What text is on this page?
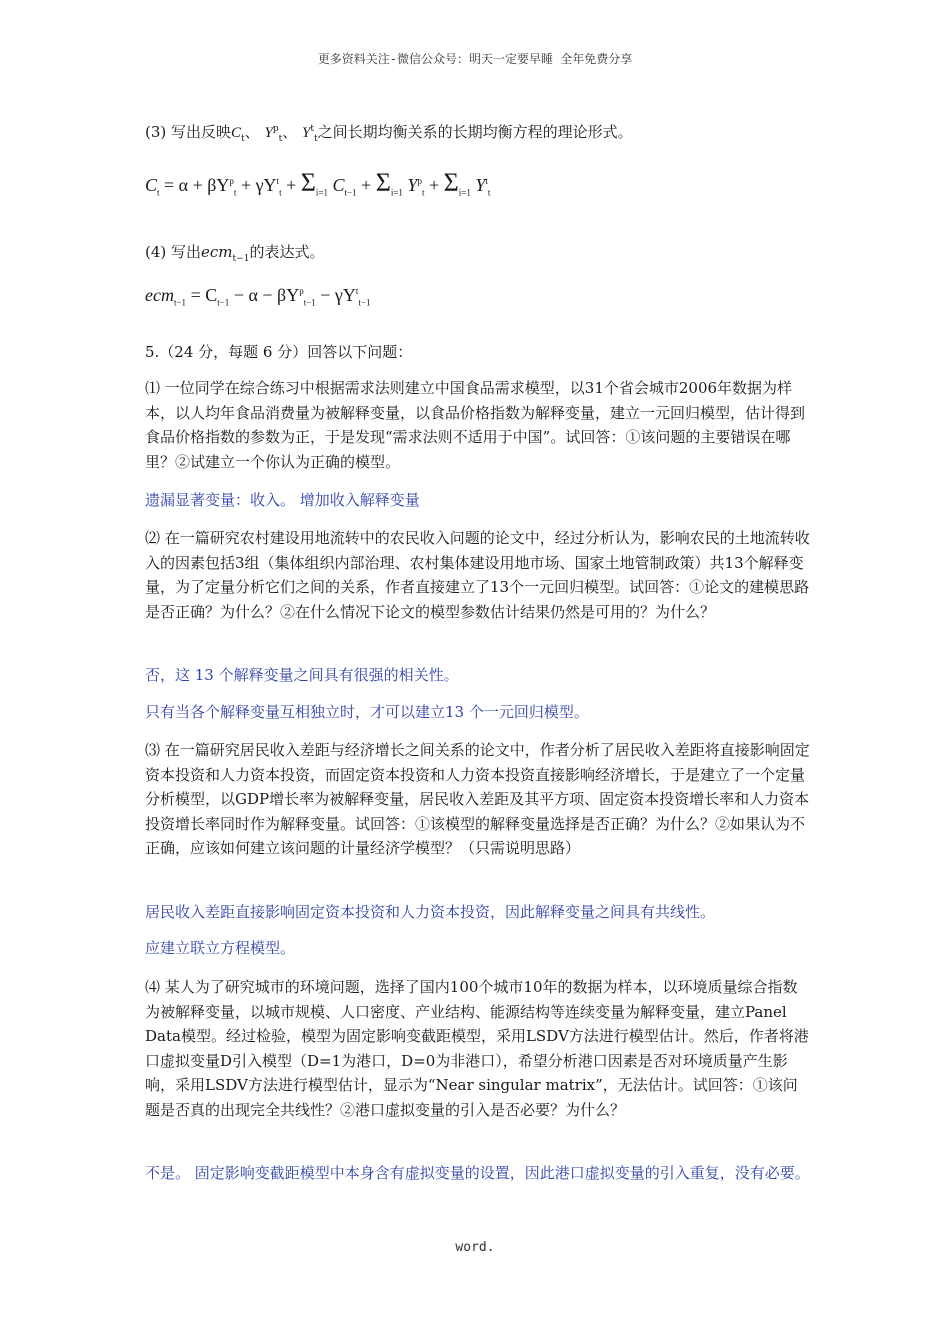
更多资料关注-微信公众号：明天一定要早睡 全年免费分享
(3) 写出反映$C_t$、 $Y^p_t$、 $Y^t_t$之间长期均衡关系的长期均衡方程的理论形式。
$C_t = \alpha + \beta Y^p_t + \gamma Y^t_t + \Sigma_{i=1}$ $C_{t-1} + \Sigma_{i=1}$ $Y^p_t + \Sigma_{i=1}$ $Y^t_t$
(4) 写出ecm$_{t-1}$的表达式。
$ecm_{t-1} = C_{t-1} - \alpha - \beta Y^p_{t-1} - \gamma Y^t_{t-1}$
5.（24 分，每题 6 分）回答以下问题：
⑴ 一位同学在综合练习中根据需求法则建立中国食品需求模型，以31个省会城市2006年数据为样本，以人均年食品消费量为被解释变量，以食品价格指数为解释变量，建立一元回归模型，估计得到食品价格指数的参数为正，于是发现“需求法则不适用于中国”。试回答：①该问题的主要错误在哪里？②试建立一个你认为正确的模型。
遗漏显著变量：收入。 增加收入解释变量
⑵ 在一篇研究农村建设用地流转中的农民收入问题的论文中，经过分析认为，影响农民的土地流转收入的因素包括3组（集体组织内部治理、农村集体建设用地市场、国家土地管制政策）共13个解释变量，为了定量分析它们之间的关系，作者直接建立了13个一元回归模型。试回答：①论文的建模思路是否正确？为什么？②在什么情况下论文的模型参数估计结果仍然是可用的？为什么？
否，这 13 个解释变量之间具有很强的相关性。
只有当各个解释变量互相独立时，才可以建立13 个一元回归模型。
⑶ 在一篇研究居民收入差距与经济增长之间关系的论文中，作者分析了居民收入差距将直接影响固定资本投资和人力资本投资，而固定资本投资和人力资本投资直接影响经济增长，于是建立了一个定量分析模型，以GDP增长率为被解释变量，居民收入差距及其平方项、固定资本投资增长率和人力资本投资增长率同时作为解释变量。试回答：①该模型的解释变量选择是否正确？为什么？②如果认为不正确，应该如何建立该问题的计量经济学模型？（只需说明思路）
居民收入差距直接影响固定资本投资和人力资本投资，因此解释变量之间具有共线性。
应建立联立方程模型。
⑷ 某人为了研究城市的环境问题，选择了国内100个城市10年的数据为样本，以环境质量综合指数为被解释变量，以城市规模、人口密度、产业结构、能源结构等连续变量为解释变量，建立Panel Data模型。经过检验，模型为固定影响变截距模型，采用LSDV方法进行模型估计。然后，作者将港口虚拟变量D引入模型（D=1为港口，D=0为非港口），希望分析港口因素是否对环境质量产生影响，采用LSDV方法进行模型估计，显示为“Near singular matrix”，无法估计。试回答：①该问题是否真的出现完全共线性？②港口虚拟变量的引入是否必要？为什么？
不是。 固定影响变截距模型中本身含有虚拟变量的设置，因此港口虚拟变量的引入重复，没有必要。
word.
